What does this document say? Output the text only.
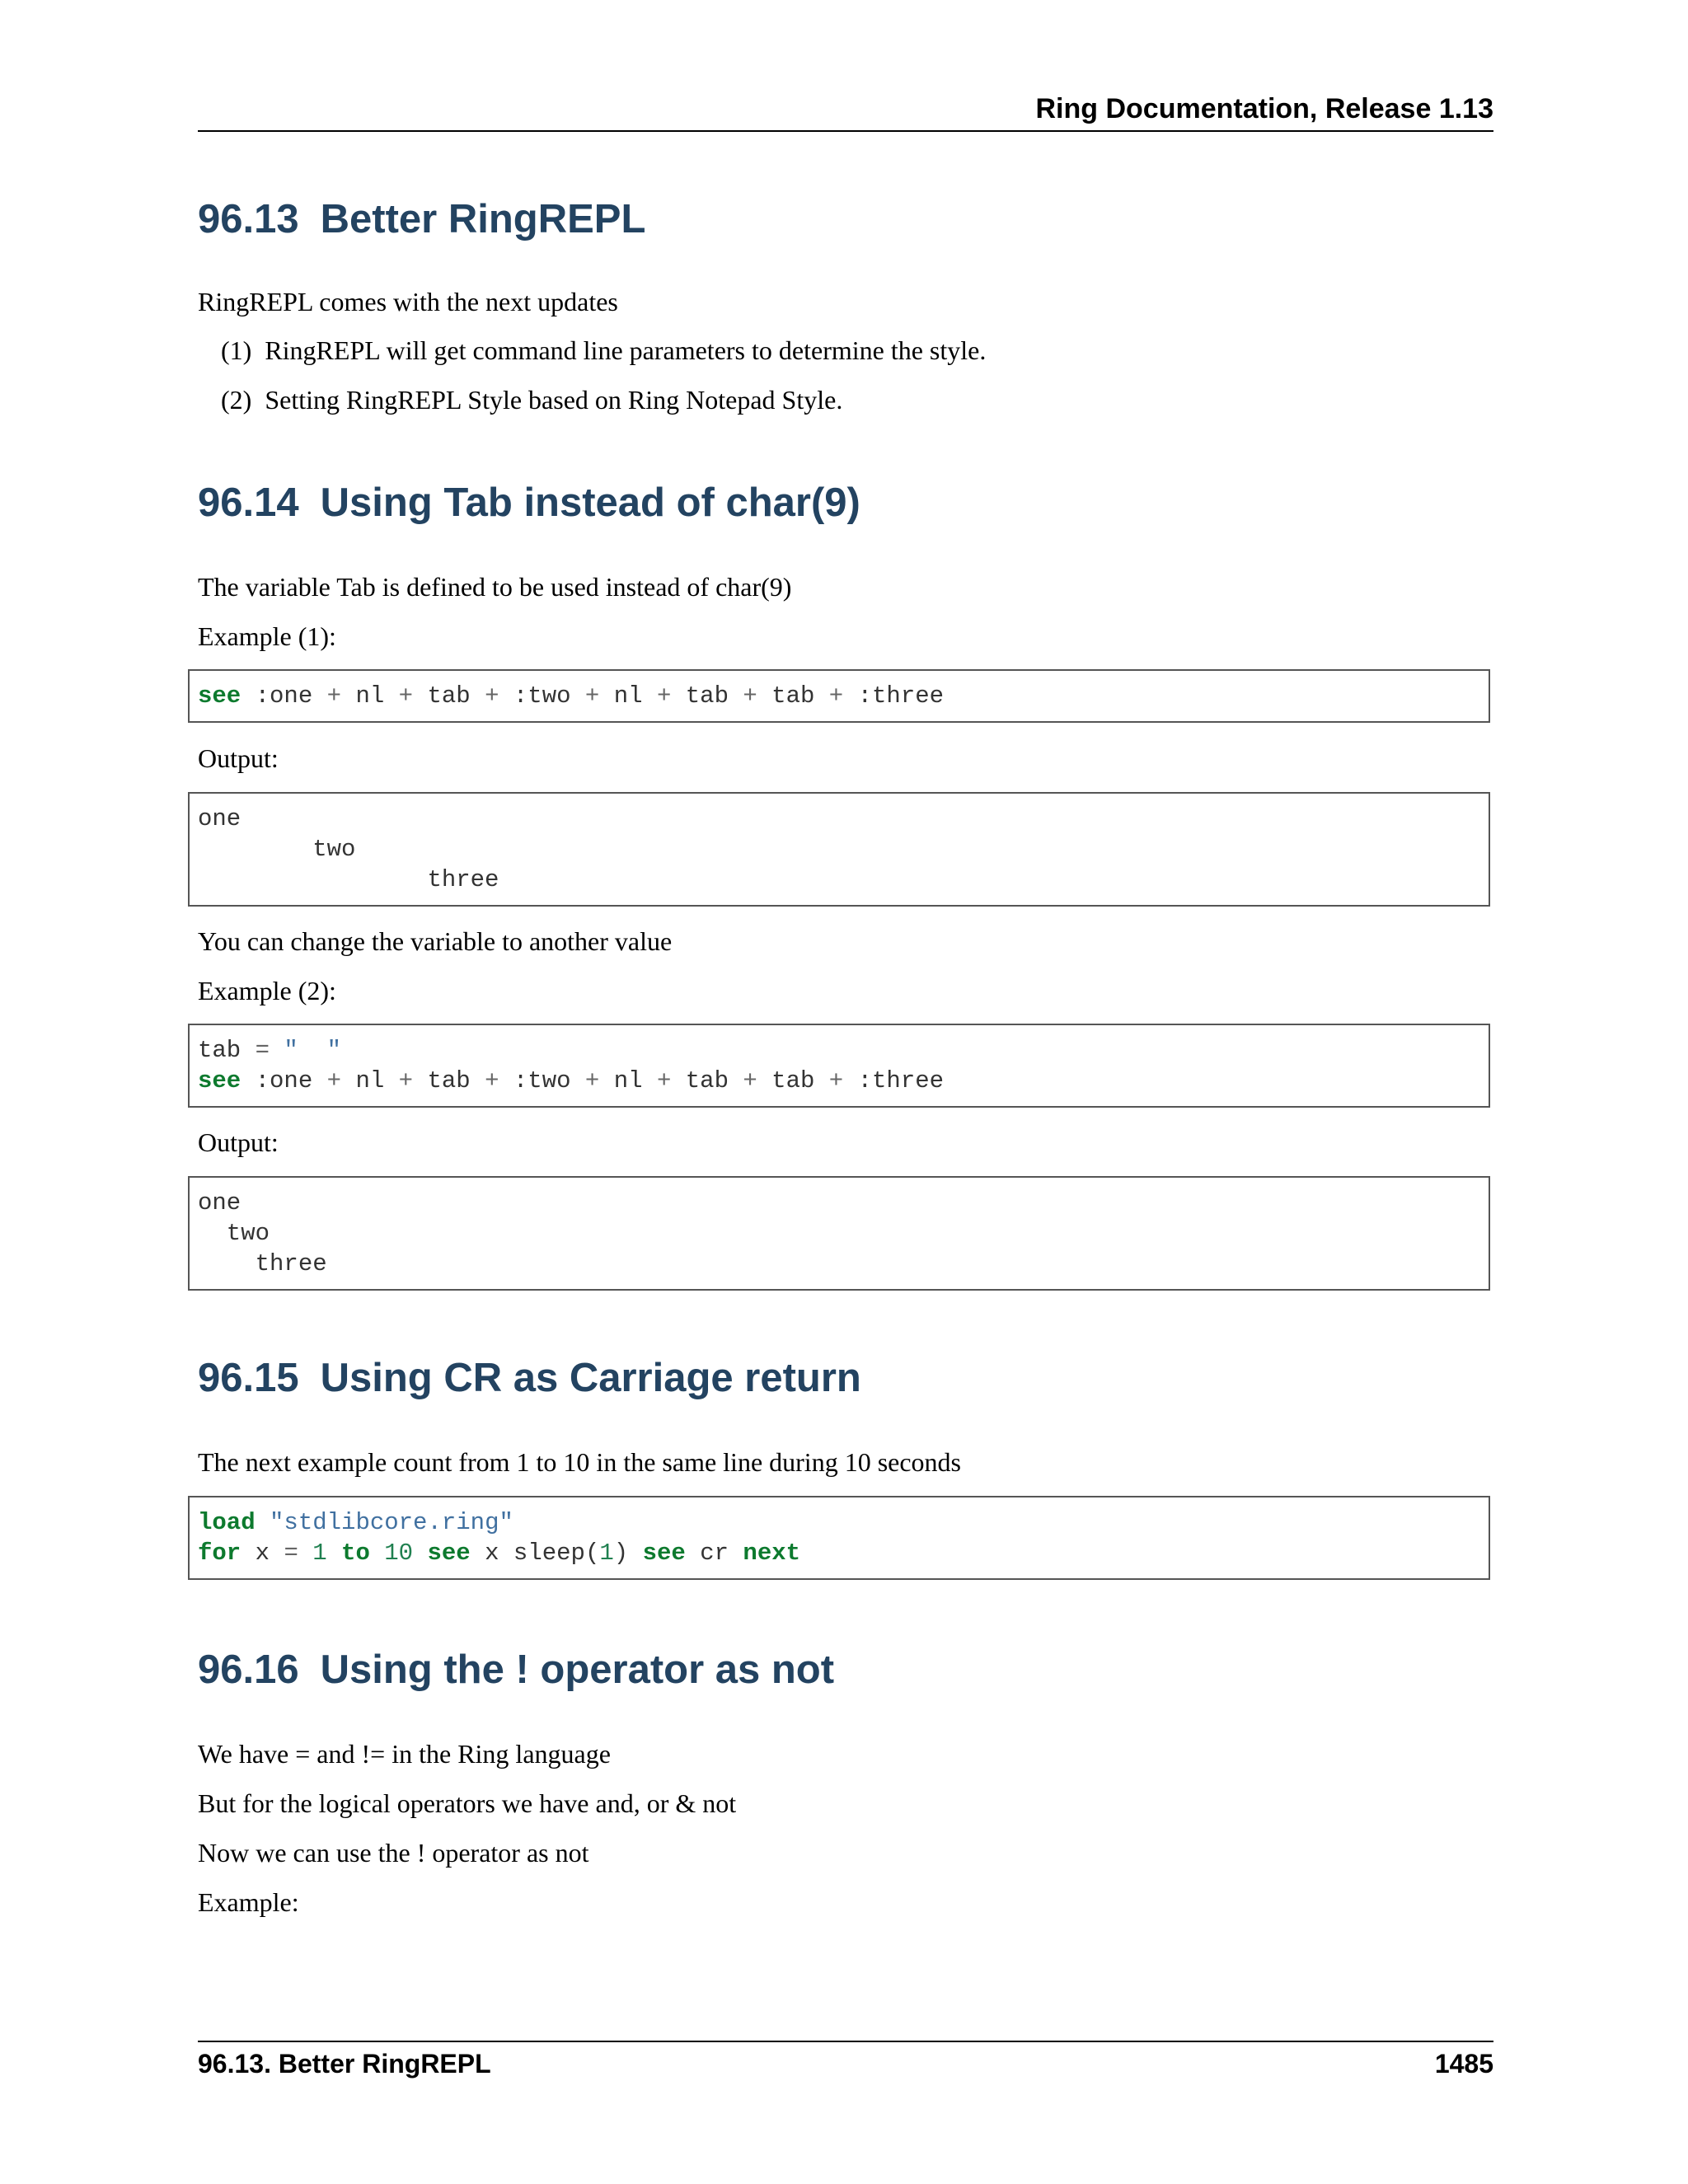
Ring Documentation, Release 1.13
96.13 Better RingREPL

RingREPL comes with the next updates

(1) RingREPL will get command line parameters to determine the style.
(2) Setting RingREPL Style based on Ring Notepad Style.
96.14 Using Tab instead of char(9)

The variable Tab is defined to be used instead of char(9)

Example (1):

see :one + nl + tab + :two + nl + tab + tab + :three

Output:

one
two
three

You can change the variable to another value

Example (2):

tab = "  "
see :one + nl + tab + :two + nl + tab + tab + :three

Output:

one
two
three
96.15 Using CR as Carriage return

The next example count from 1 to 10 in the same line during 10 seconds

load "stdlibcore.ring"
for x = 1 to 10 see x sleep(1) see cr next
96.16 Using the ! operator as not

We have = and != in the Ring language

But for the logical operators we have and, or & not

Now we can use the ! operator as not

Example:

96.13. Better RingREPL	1485
